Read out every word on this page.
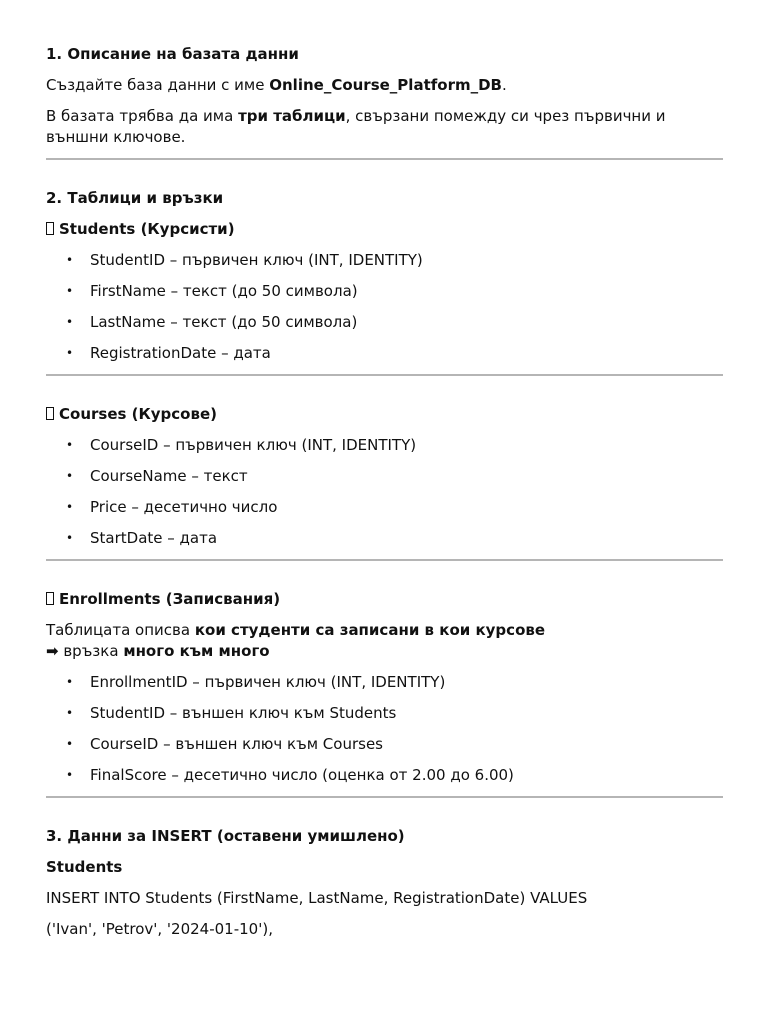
1. Описание на базата данни

Създайте база данни с име Online_Course_Platform_DB.

В базата трябва да има три таблици, свързани помежду си чрез първични и външни ключове.

2. Таблици и връзки

Students (Курсисти)

• StudentID – първичен ключ (INT, IDENTITY)
• FirstName – текст (до 50 символа)
• LastName – текст (до 50 символа)
• RegistrationDate – дата

Courses (Курсове)

• CourseID – първичен ключ (INT, IDENTITY)
• CourseName – текст
• Price – десетично число
• StartDate – дата

Enrollments (Записвания)

Таблицата описва кои студенти са записани в кои курсове
➡ връзка много към много

• EnrollmentID – първичен ключ (INT, IDENTITY)
• StudentID – външен ключ към Students
• CourseID – външен ключ към Courses
• FinalScore – десетично число (оценка от 2.00 до 6.00)

3. Данни за INSERT (оставени умишлено)

Students

INSERT INTO Students (FirstName, LastName, RegistrationDate) VALUES

('Ivan', 'Petrov', '2024-01-10'),
